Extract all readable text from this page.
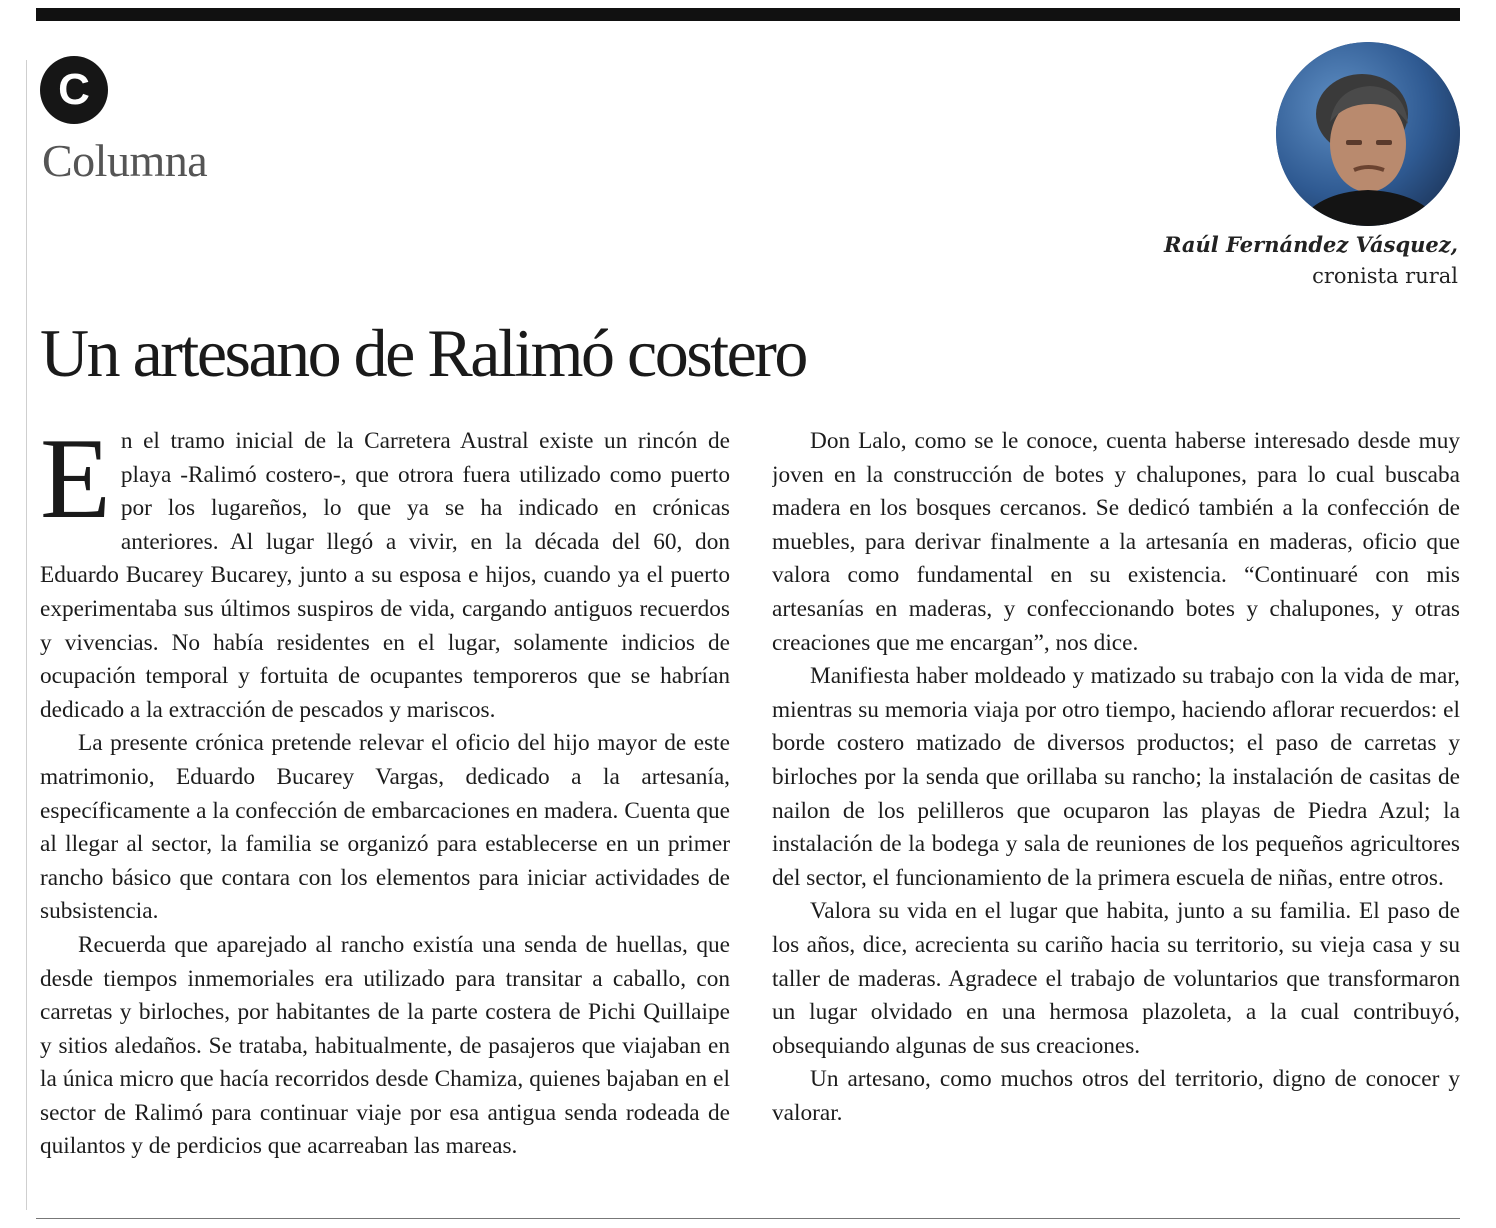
C
Columna
Raúl Fernández Vásquez,
cronista rural
Un artesano de Ralimó costero

En el tramo inicial de la Carretera Austral existe un rincón de playa -Ralimó costero-, que otrora fuera utilizado como puerto por los lugareños, lo que ya se ha indicado en crónicas anteriores. Al lugar llegó a vivir, en la década del 60, don Eduardo Bucarey Bucarey, junto a su esposa e hijos, cuando ya el puerto experimentaba sus últimos suspiros de vida, cargando antiguos recuerdos y vivencias. No había residentes en el lugar, solamente indicios de ocupación temporal y fortuita de ocupantes temporeros que se habrían dedicado a la extracción de pescados y mariscos.

La presente crónica pretende relevar el oficio del hijo mayor de este matrimonio, Eduardo Bucarey Vargas, dedicado a la artesanía, específicamente a la confección de embarcaciones en madera. Cuenta que al llegar al sector, la familia se organizó para establecerse en un primer rancho básico que contara con los elementos para iniciar actividades de subsistencia.

Recuerda que aparejado al rancho existía una senda de huellas, que desde tiempos inmemoriales era utilizado para transitar a caballo, con carretas y birloches, por habitantes de la parte costera de Pichi Quillaipe y sitios aledaños. Se trataba, habitualmente, de pasajeros que viajaban en la única micro que hacía recorridos desde Chamiza, quienes bajaban en el sector de Ralimó para continuar viaje por esa antigua senda rodeada de quilantos y de perdicios que acarreaban las mareas.

Don Lalo, como se le conoce, cuenta haberse interesado desde muy joven en la construcción de botes y chalupones, para lo cual buscaba madera en los bosques cercanos. Se dedicó también a la confección de muebles, para derivar finalmente a la artesanía en maderas, oficio que valora como fundamental en su existencia. “Continuaré con mis artesanías en maderas, y confeccionando botes y chalupones, y otras creaciones que me encargan”, nos dice.

Manifiesta haber moldeado y matizado su trabajo con la vida de mar, mientras su memoria viaja por otro tiempo, haciendo aflorar recuerdos: el borde costero matizado de diversos productos; el paso de carretas y birloches por la senda que orillaba su rancho; la instalación de casitas de nailon de los pelilleros que ocuparon las playas de Piedra Azul; la instalación de la bodega y sala de reuniones de los pequeños agricultores del sector, el funcionamiento de la primera escuela de niñas, entre otros.

Valora su vida en el lugar que habita, junto a su familia. El paso de los años, dice, acrecienta su cariño hacia su territorio, su vieja casa y su taller de maderas. Agradece el trabajo de voluntarios que transformaron un lugar olvidado en una hermosa plazoleta, a la cual contribuyó, obsequiando algunas de sus creaciones.

Un artesano, como muchos otros del territorio, digno de conocer y valorar.
